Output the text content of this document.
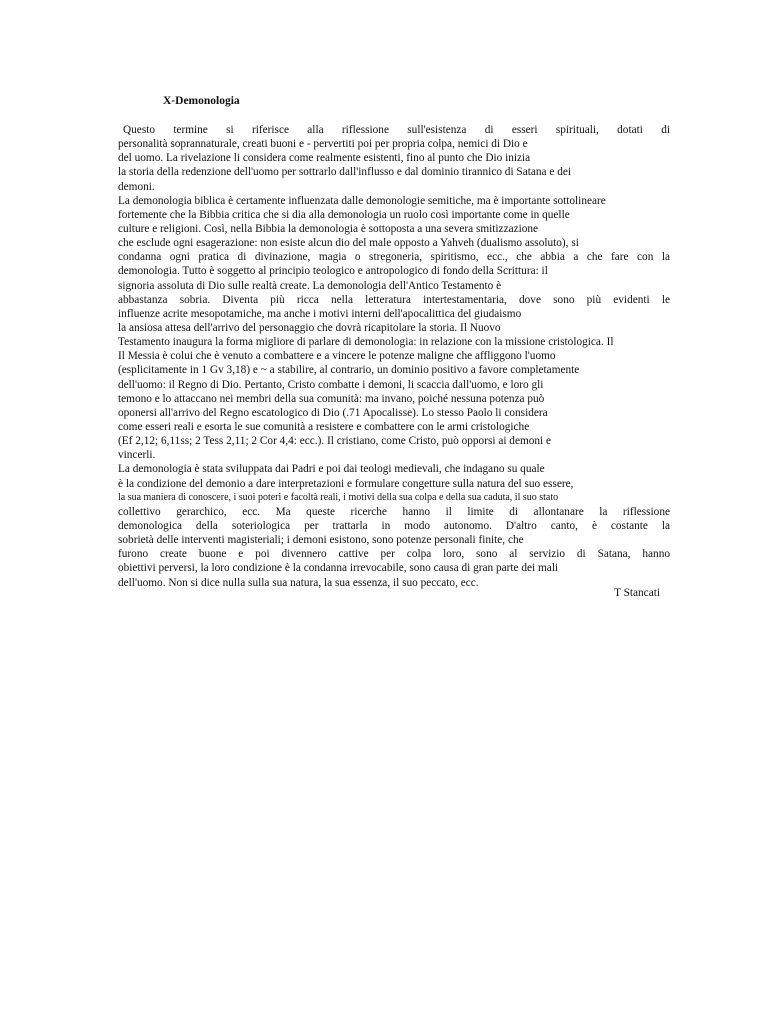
X-Demonologia
Questo termine si riferisce alla riflessione sull'esistenza di esseri spirituali, dotati di
personalità soprannaturale, creati buoni e - pervertiti poi per propria colpa, nemici di Dio e
del uomo. La rivelazione li considera come realmente esistenti, fino al punto che Dio inizia
la storia della redenzione dell'uomo per sottrarlo dall'influsso e dal dominio tirannico di Satana e dei
demoni.
La demonologia biblica è certamente influenzata dalle demonologie semitiche, ma è importante sottolineare
fortemente che la Bibbia critica che si dia alla demonologia un ruolo così importante come in quelle
culture e religioni. Così, nella Bibbia la demonologia è sottoposta a una severa smitizzazione
che esclude ogni esagerazione: non esiste alcun dio del male opposto a Yahveh (dualismo assoluto), si
condanna ogni pratica di divinazione, magia o stregoneria, spiritismo, ecc., che abbia a che fare con la
demonologia. Tutto è soggetto al principio teologico e antropologico di fondo della Scrittura: il
signoria assoluta di Dio sulle realtà create. La demonologia dell'Antico Testamento è
abbastanza sobria. Diventa più ricca nella letteratura intertestamentaria, dove sono più evidenti le
influenze acrite mesopotamiche, ma anche i motivi interni dell'apocalittica del giudaismo
la ansiosa attesa dell'arrivo del personaggio che dovrà ricapitolare la storia. Il Nuovo
Testamento inaugura la forma migliore di parlare di demonologia: in relazione con la missione cristologica. Il
Il Messia è colui che è venuto a combattere e a vincere le potenze maligne che affliggono l'uomo
(esplicitamente in 1 Gv 3,18) e ~ a stabilire, al contrario, un dominio positivo a favore completamente
dell'uomo: il Regno di Dio. Pertanto, Cristo combatte i demoni, li scaccia dall'uomo, e loro gli
temono e lo attaccano nei membri della sua comunità: ma invano, poiché nessuna potenza può
oponersi all'arrivo del Regno escatologico di Dio (.71 Apocalisse). Lo stesso Paolo li considera
come esseri reali e esorta le sue comunità a resistere e combattere con le armi cristologiche
(Ef 2,12; 6,11ss; 2 Tess 2,11; 2 Cor 4,4: ecc.). Il cristiano, come Cristo, può opporsi ai demoni e
vincerli.
La demonologia è stata sviluppata dai Padri e poi dai teologi medievali, che indagano su quale
è la condizione del demonio a dare interpretazioni e formulare congetture sulla natura del suo essere,
la sua maniera di conoscere, i suoi poteri e facoltà reali, i motivi della sua colpa e della sua caduta, il suo stato
collettivo gerarchico, ecc. Ma queste ricerche hanno il limite di allontanare la riflessione
demonologica della soteriologica per trattarla in modo autonomo. D'altro canto, è costante la
sobrietà delle interventi magisteriali; i demoni esistono, sono potenze personali finite, che
furono create buone e poi divennero cattive per colpa loro, sono al servizio di Satana, hanno
obiettivi perversi, la loro condizione è la condanna irrevocabile, sono causa di gran parte dei mali
dell'uomo. Non si dice nulla sulla sua natura, la sua essenza, il suo peccato, ecc.
T Stancati
